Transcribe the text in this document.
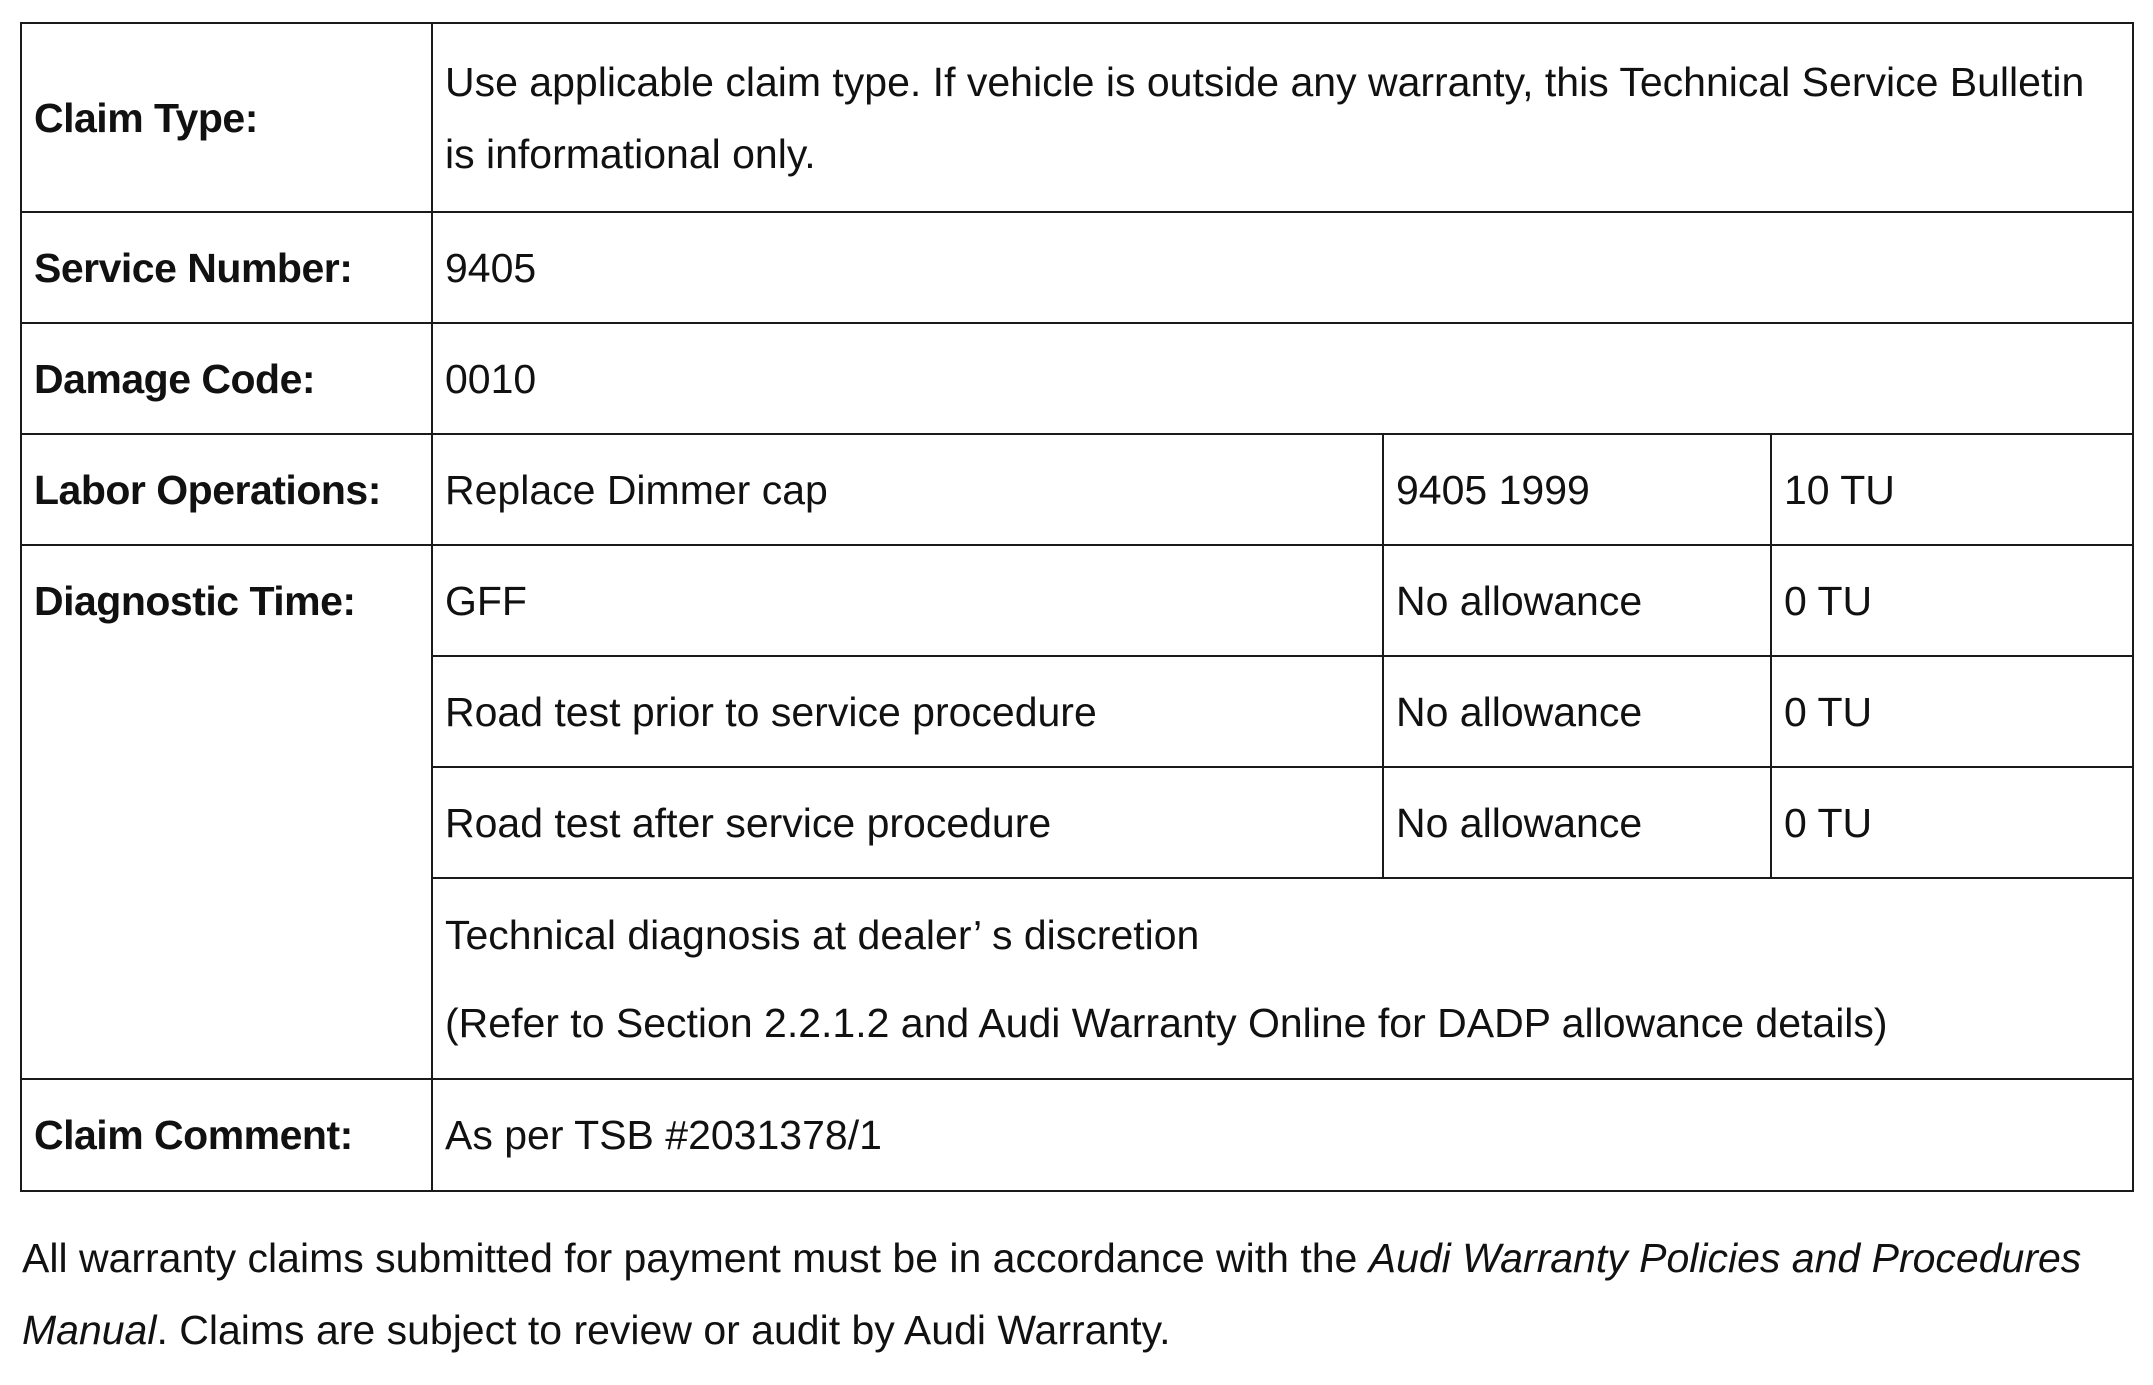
Claim Type:	Use applicable claim type. If vehicle is outside any warranty, this Technical Service Bulletin is informational only.		
Service Number:	9405		
Damage Code:	0010		
Labor Operations:	Replace Dimmer cap	9405 1999	10 TU

Diagnostic Time:	GFF	No allowance	0 TU
	Road test prior to service procedure	No allowance	0 TU
	Road test after service procedure	No allowance	0 TU

	Technical diagnosis at dealer’ s discretion
(Refer to Section 2.2.1.2 and Audi Warranty Online for DADP allowance details)		

Claim Comment:	As per TSB #2031378/1		

All warranty claims submitted for payment must be in accordance with the Audi Warranty Policies and Procedures Manual. Claims are subject to review or audit by Audi Warranty.
